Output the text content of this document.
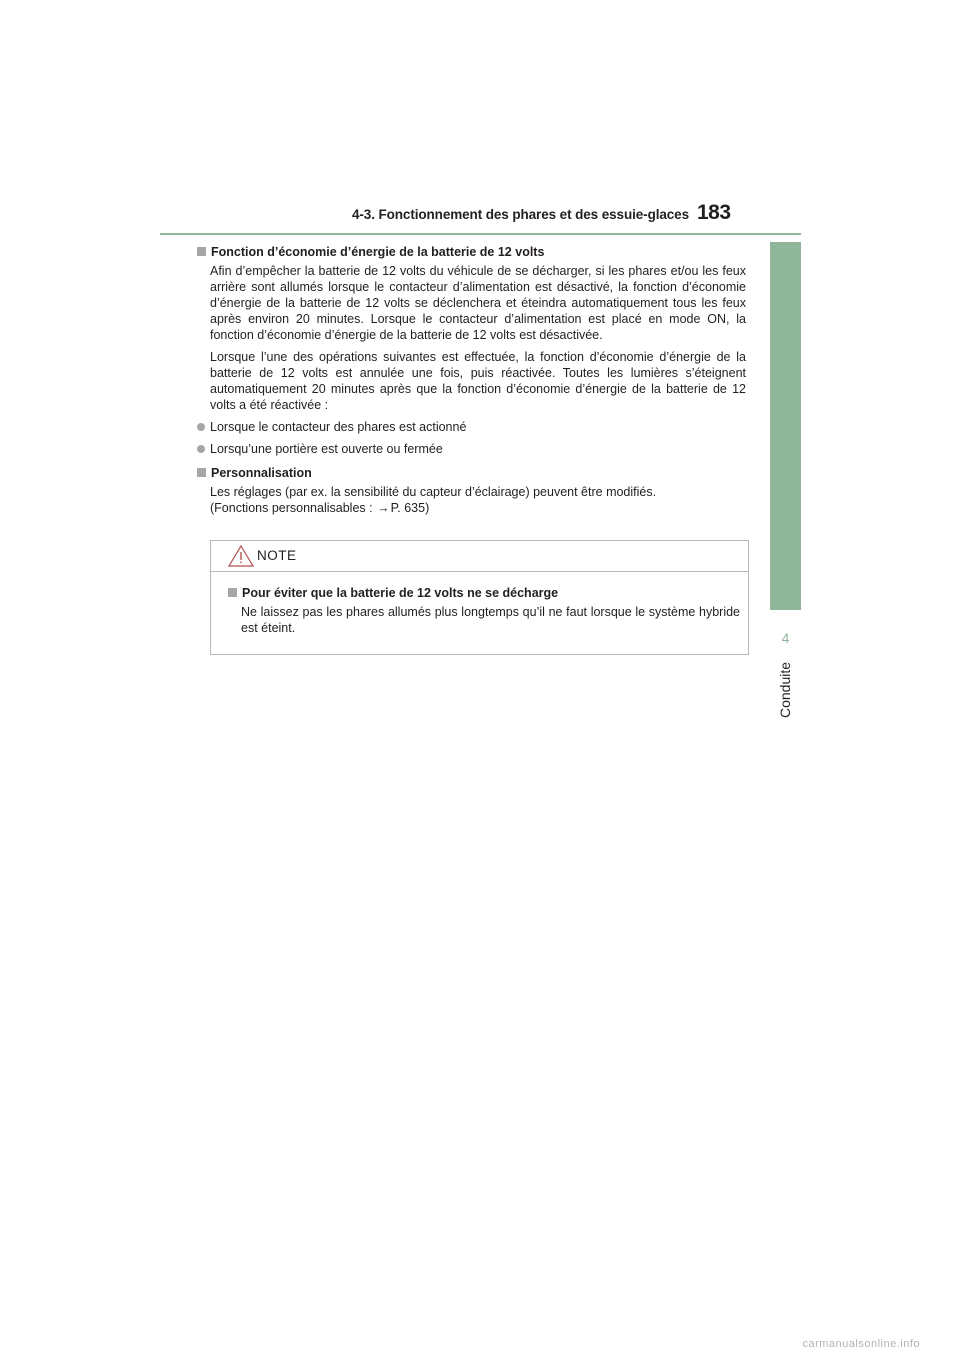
4-3. Fonctionnement des phares et des essuie-glaces 183
4
Conduite
Fonction d’économie d’énergie de la batterie de 12 volts

Afin d’empêcher la batterie de 12 volts du véhicule de se décharger, si les phares et/ou les feux arrière sont allumés lorsque le contacteur d’alimentation est désactivé, la fonction d’économie d’énergie de la batterie de 12 volts se déclenchera et éteindra automatiquement tous les feux après environ 20 minutes. Lorsque le contacteur d’alimentation est placé en mode ON, la fonction d’économie d’énergie de la batterie de 12 volts est désactivée.

Lorsque l’une des opérations suivantes est effectuée, la fonction d’économie d’énergie de la batterie de 12 volts est annulée une fois, puis réactivée. Toutes les lumières s’éteignent automatiquement 20 minutes après que la fonction d’économie d’énergie de la batterie de 12 volts a été réactivée :

Lorsque le contacteur des phares est actionné
Lorsqu’une portière est ouverte ou fermée
Personnalisation
Les réglages (par ex. la sensibilité du capteur d’éclairage) peuvent être modifiés.
(Fonctions personnalisables : →P. 635)
NOTE
Pour éviter que la batterie de 12 volts ne se décharge

Ne laissez pas les phares allumés plus longtemps qu’il ne faut lorsque le système hybride est éteint.

carmanualsonline.info
